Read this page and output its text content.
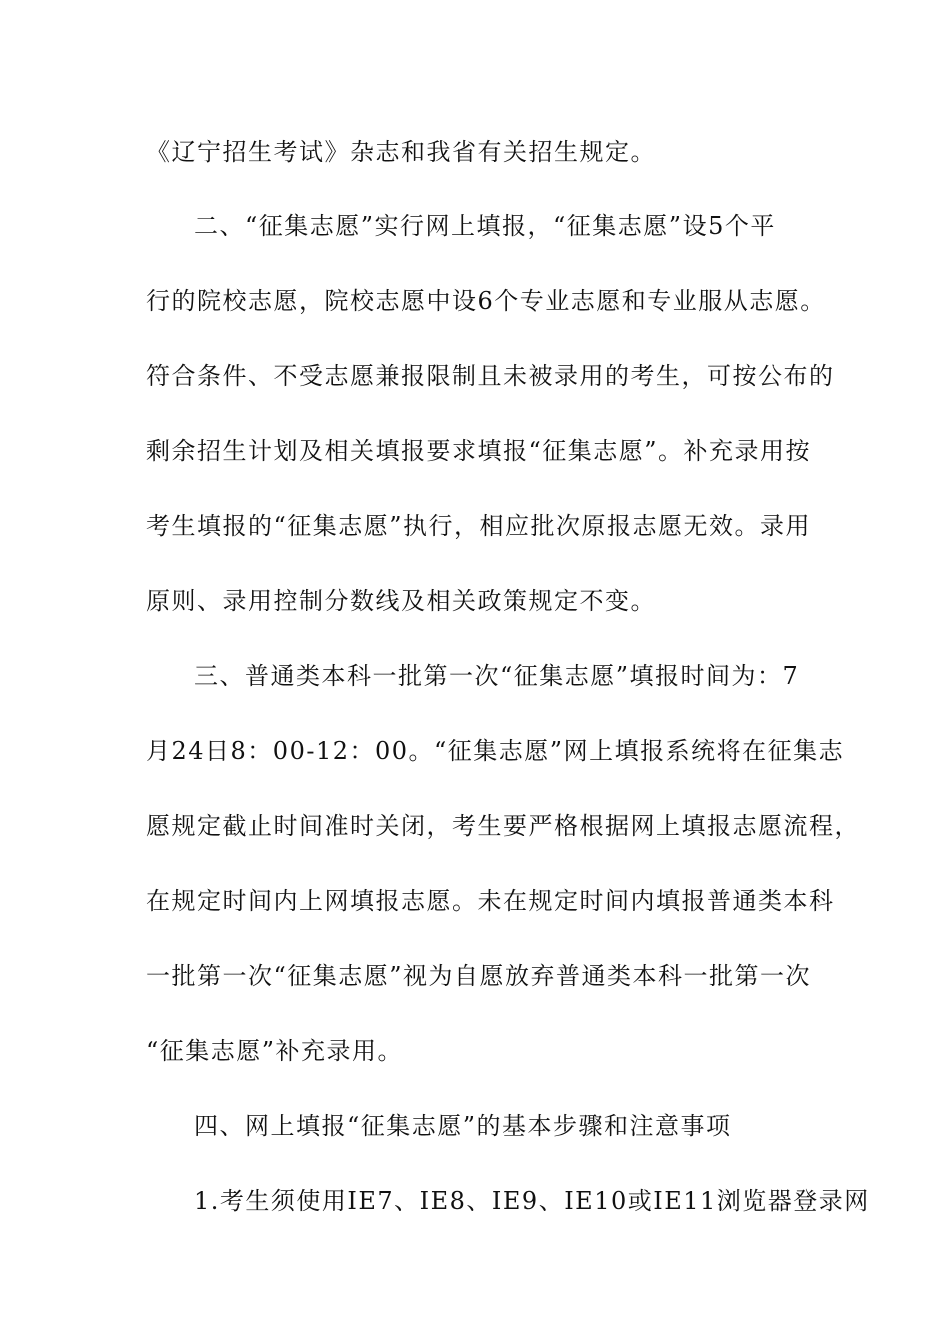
《辽宁招生考试》杂志和我省有关招生规定。
二、“征集志愿”实行网上填报，“征集志愿”设5个平
行的院校志愿，院校志愿中设6个专业志愿和专业服从志愿。
符合条件、不受志愿兼报限制且未被录用的考生，可按公布的
剩余招生计划及相关填报要求填报“征集志愿”。补充录用按
考生填报的“征集志愿”执行，相应批次原报志愿无效。录用
原则、录用控制分数线及相关政策规定不变。
三、普通类本科一批第一次“征集志愿”填报时间为：7
月24日8：00-12：00。“征集志愿”网上填报系统将在征集志
愿规定截止时间准时关闭，考生要严格根据网上填报志愿流程，
在规定时间内上网填报志愿。未在规定时间内填报普通类本科
一批第一次“征集志愿”视为自愿放弃普通类本科一批第一次
“征集志愿”补充录用。
四、网上填报“征集志愿”的基本步骤和注意事项
1.考生须使用IE7、IE8、IE9、IE10或IE11浏览器登录网
